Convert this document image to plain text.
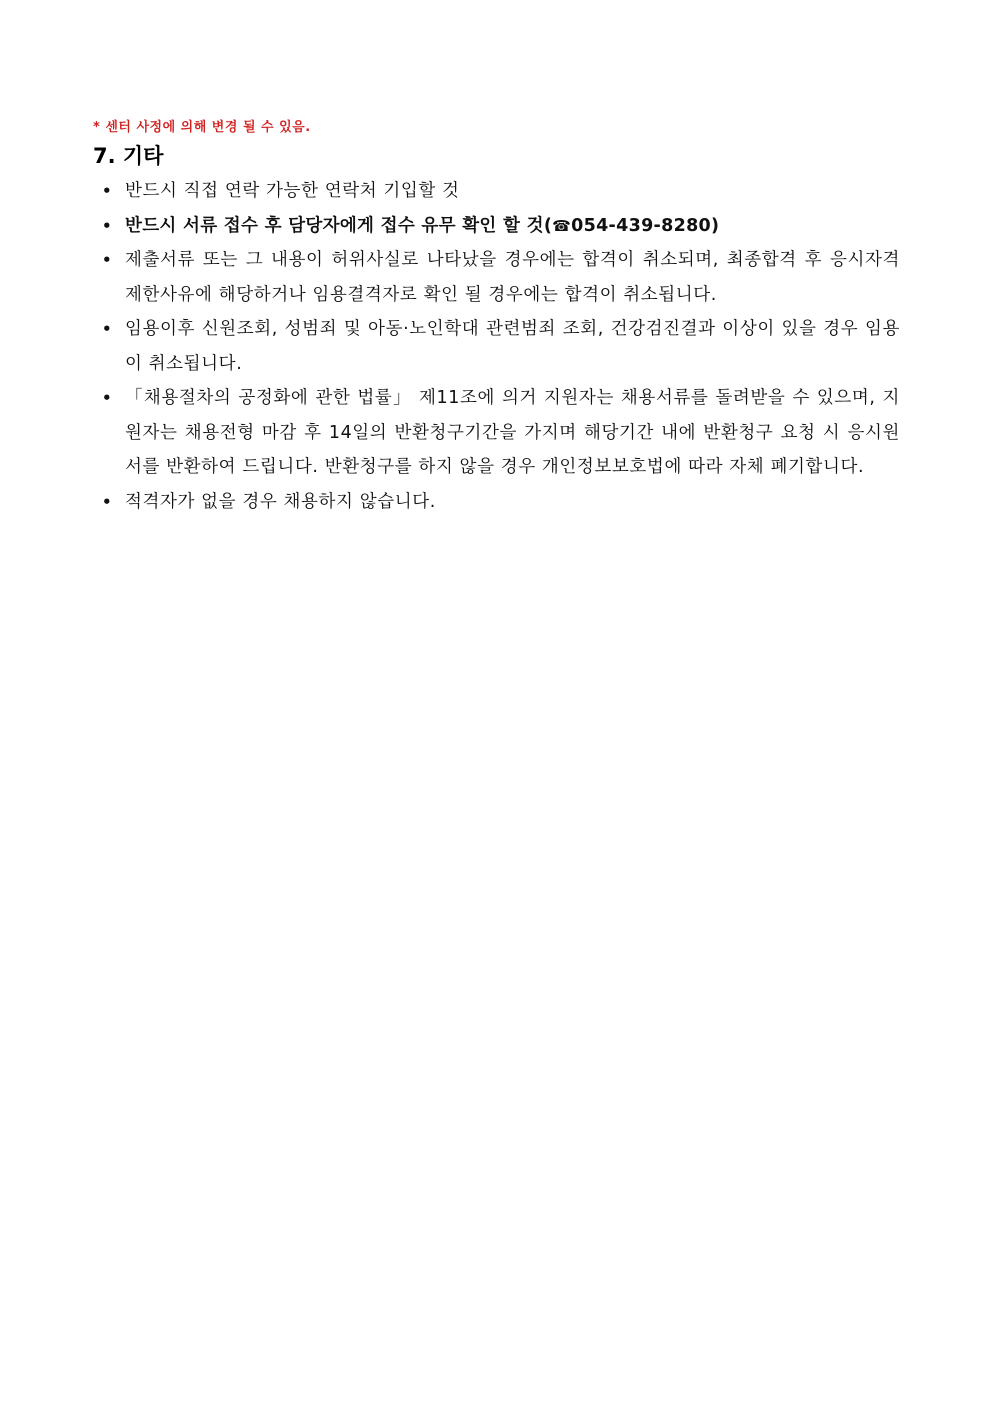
* 센터 사정에 의해 변경 될 수 있음.
7. 기타
• 반드시 직접 연락 가능한 연락처 기입할 것
• 반드시 서류 접수 후 담당자에게 접수 유무 확인 할 것(☎054-439-8280)
• 제출서류 또는 그 내용이 허위사실로 나타났을 경우에는 합격이 취소되며, 최종합격 후 응시자격 제한사유에 해당하거나 임용결격자로 확인 될 경우에는 합격이 취소됩니다.
• 임용이후 신원조회, 성범죄 및 아동·노인학대 관련범죄 조회, 건강검진결과 이상이 있을 경우 임용이 취소됩니다.
• 「채용절차의 공정화에 관한 법률」 제11조에 의거 지원자는 채용서류를 돌려받을 수 있으며, 지원자는 채용전형 마감 후 14일의 반환청구기간을 가지며 해당기간 내에 반환청구 요청 시 응시원서를 반환하여 드립니다. 반환청구를 하지 않을 경우 개인정보보호법에 따라 자체 폐기합니다.
• 적격자가 없을 경우 채용하지 않습니다.
